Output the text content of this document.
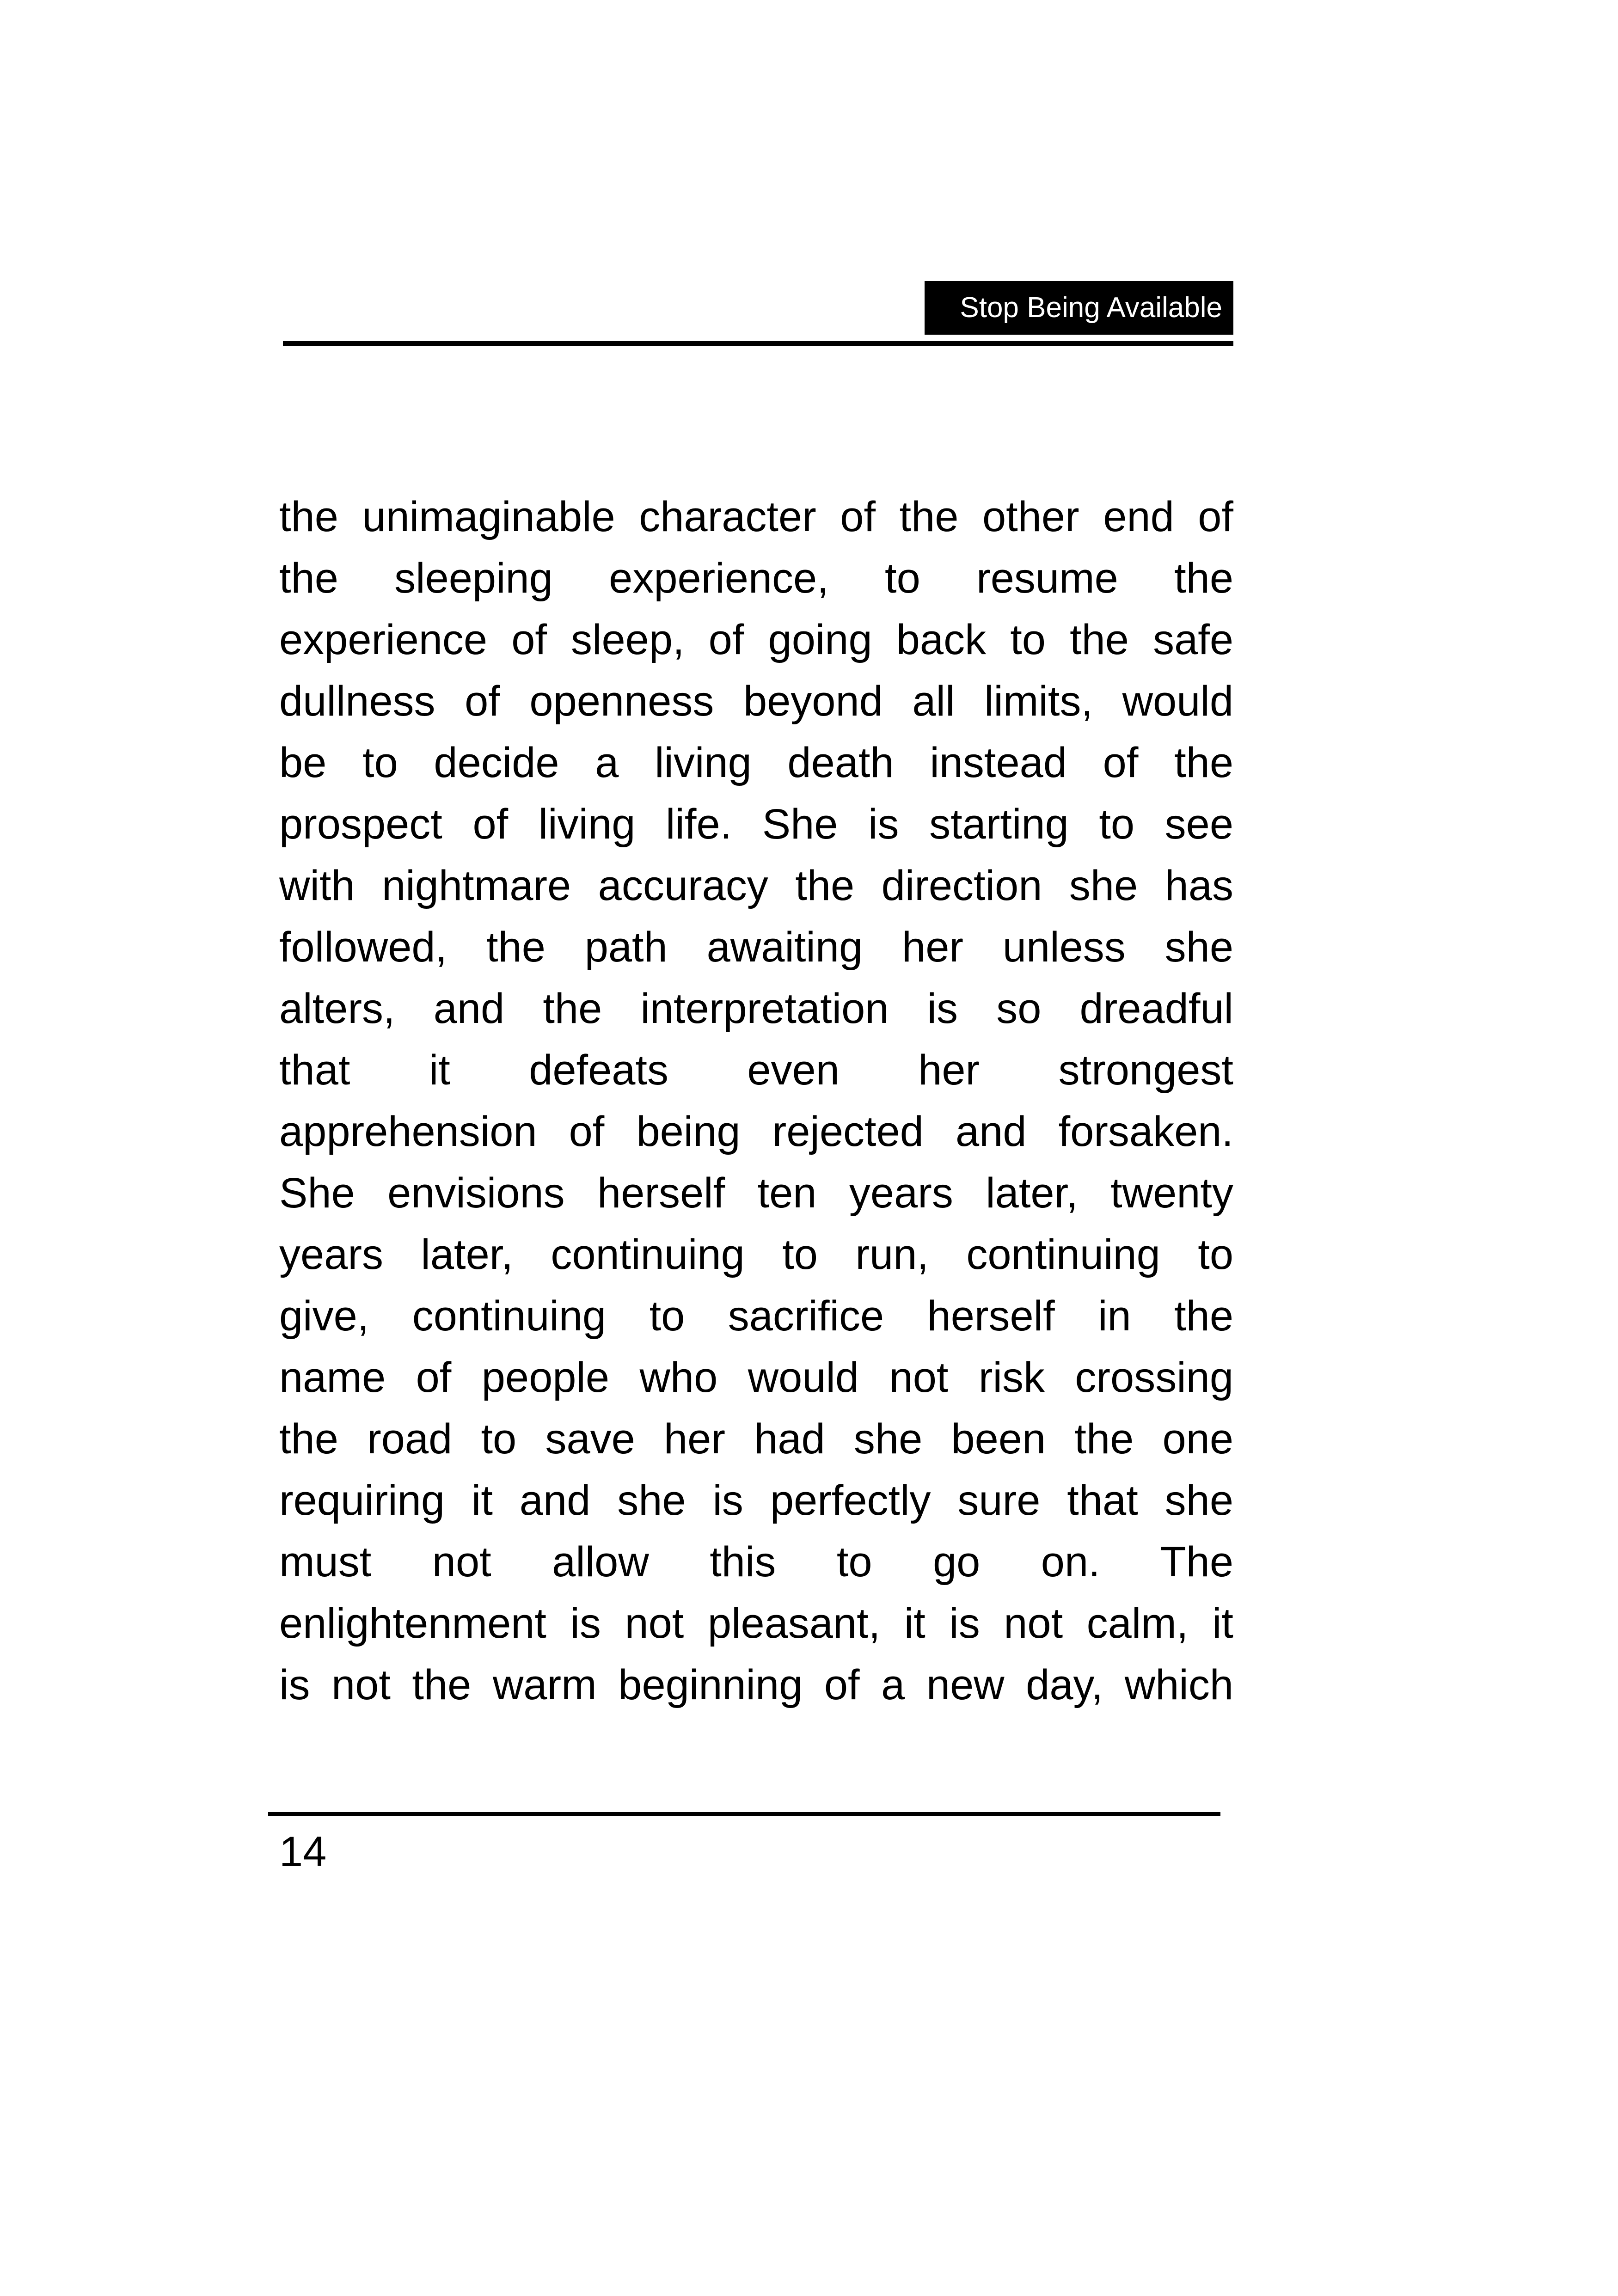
Stop Being Available
the unimaginable character of the other end of
the sleeping experience, to resume the
experience of sleep, of going back to the safe
dullness of openness beyond all limits, would
be to decide a living death instead of the
prospect of living life. She is starting to see
with nightmare accuracy the direction she has
followed, the path awaiting her unless she
alters, and the interpretation is so dreadful
that it defeats even her strongest
apprehension of being rejected and forsaken.
She envisions herself ten years later, twenty
years later, continuing to run, continuing to
give, continuing to sacrifice herself in the
name of people who would not risk crossing
the road to save her had she been the one
requiring it and she is perfectly sure that she
must not allow this to go on. The
enlightenment is not pleasant, it is not calm, it
is not the warm beginning of a new day, which
14
